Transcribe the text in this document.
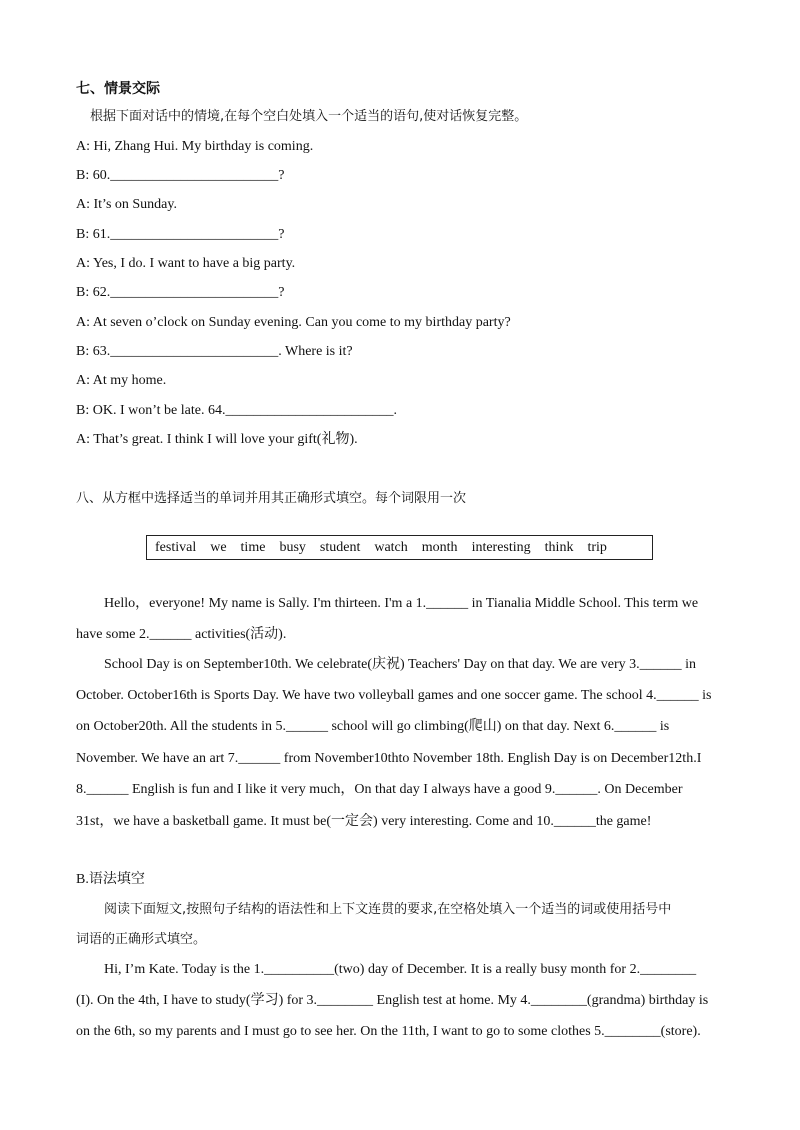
七、情景交际
根据下面对话中的情境,在每个空白处填入一个适当的语句,使对话恢复完整。
A: Hi, Zhang Hui. My birthday is coming.
B: 60.________________________?
A: It’s on Sunday.
B: 61.________________________?
A: Yes, I do. I want to have a big party.
B: 62.________________________?
A: At seven o’clock on Sunday evening. Can you come to my birthday party?
B: 63.________________________. Where is it?
A: At my home.
B: OK. I won’t be late. 64.________________________.
A: That’s great. I think I will love your gift(礼物).
八、从方框中选择适当的单词并用其正确形式填空。每个词限用一次
festival we time busy student watch month interesting think trip
Hello，everyone! My name is Sally. I'm thirteen. I'm a 1.______ in Tianalia Middle School. This term we
have some 2.______ activities(活动).
School Day is on September10th. We celebrate(庆祝) Teachers' Day on that day. We are very 3.______ in
October. October16th is Sports Day. We have two volleyball games and one soccer game. The school 4.______ is
on October20th. All the students in 5.______ school will go climbing(爬山) on that day. Next 6.______ is
November. We have an art 7.______ from November10thto November 18th. English Day is on December12th.I
8.______ English is fun and I like it very much，On that day I always have a good 9.______. On December
31st，we have a basketball game. It must be(一定会) very interesting. Come and 10.______the game!
B.语法填空
阅读下面短文,按照句子结构的语法性和上下文连贯的要求,在空格处填入一个适当的词或使用括号中
词语的正确形式填空。
Hi, I’m Kate. Today is the 1.__________(two) day of December. It is a really busy month for 2.________
(I). On the 4th, I have to study(学习) for 3.________ English test at home. My 4.________(grandma) birthday is
on the 6th, so my parents and I must go to see her. On the 11th, I want to go to some clothes 5.________(store).
